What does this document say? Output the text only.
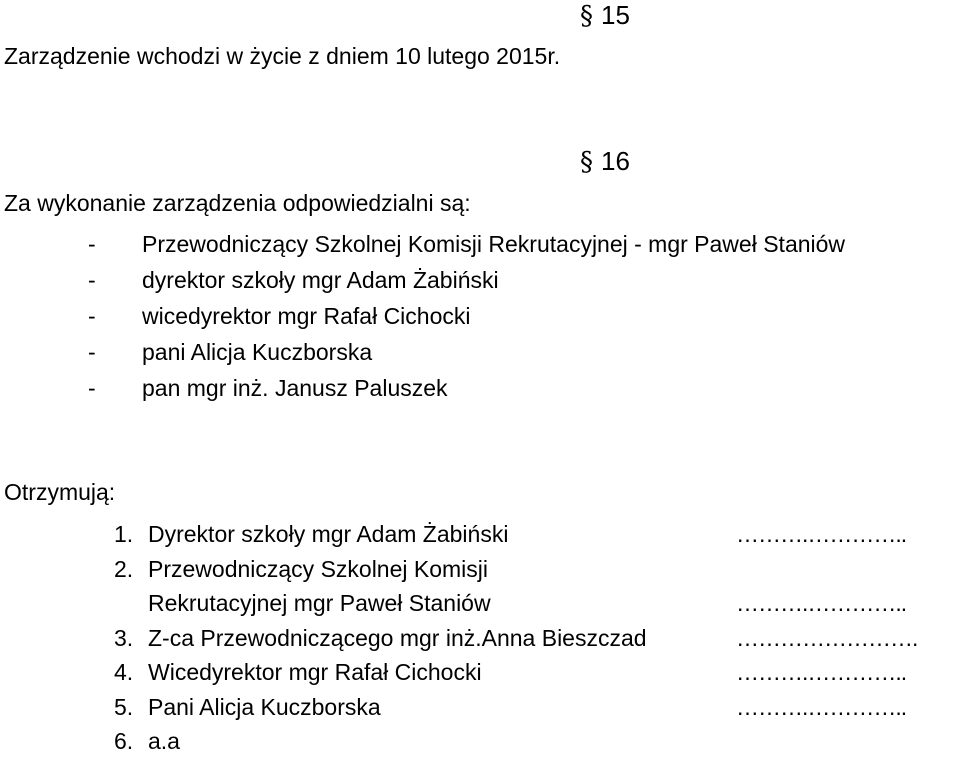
§ 15
Zarządzenie wchodzi w życie z dniem 10 lutego 2015r.
§ 16
Za wykonanie zarządzenia odpowiedzialni są:
- Przewodniczący Szkolnej Komisji Rekrutacyjnej - mgr Paweł Staniów
- dyrektor szkoły mgr Adam Żabiński
- wicedyrektor mgr Rafał Cichocki
- pani Alicja Kuczborska
- pan mgr inż. Janusz Paluszek
Otrzymują:
1. Dyrektor szkoły mgr Adam Żabiński	……….…………..
2. Przewodniczący Szkolnej Komisji
Rekrutacyjnej mgr Paweł Staniów	……….…………..
3. Z-ca Przewodniczącego mgr inż.Anna Bieszczad	…………………….
4. Wicedyrektor mgr Rafał Cichocki	……….…………..
5. Pani Alicja Kuczborska	……….…………..
6. a.a
